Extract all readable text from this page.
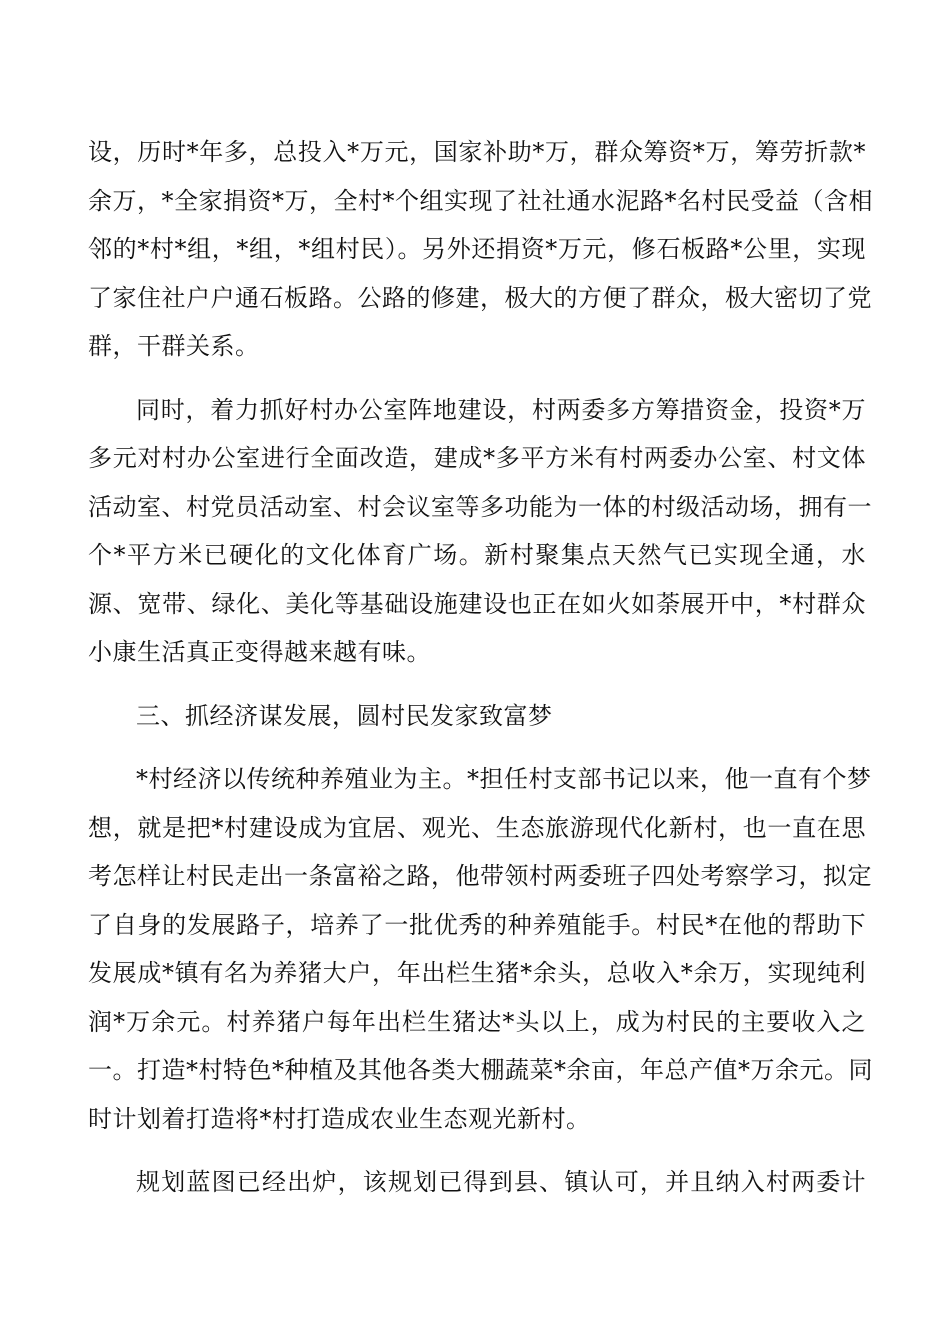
设，历时*年多，总投入*万元，国家补助*万，群众筹资*万，筹劳折款*
余万，*全家捐资*万，全村*个组实现了社社通水泥路*名村民受益（含相
邻的*村*组，*组，*组村民）。另外还捐资*万元，修石板路*公里，实现
了家住社户户通石板路。公路的修建，极大的方便了群众，极大密切了党
群，干群关系。
同时，着力抓好村办公室阵地建设，村两委多方筹措资金，投资*万
多元对村办公室进行全面改造，建成*多平方米有村两委办公室、村文体
活动室、村党员活动室、村会议室等多功能为一体的村级活动场，拥有一
个*平方米已硬化的文化体育广场。新村聚集点天然气已实现全通，水
源、宽带、绿化、美化等基础设施建设也正在如火如荼展开中，*村群众
小康生活真正变得越来越有味。
三、抓经济谋发展，圆村民发家致富梦
*村经济以传统种养殖业为主。*担任村支部书记以来，他一直有个梦
想，就是把*村建设成为宜居、观光、生态旅游现代化新村，也一直在思
考怎样让村民走出一条富裕之路，他带领村两委班子四处考察学习，拟定
了自身的发展路子，培养了一批优秀的种养殖能手。村民*在他的帮助下
发展成*镇有名为养猪大户，年出栏生猪*余头，总收入*余万，实现纯利
润*万余元。村养猪户每年出栏生猪达*头以上，成为村民的主要收入之
一。打造*村特色*种植及其他各类大棚蔬菜*余亩，年总产值*万余元。同
时计划着打造将*村打造成农业生态观光新村。
规划蓝图已经出炉，该规划已得到县、镇认可，并且纳入村两委计
